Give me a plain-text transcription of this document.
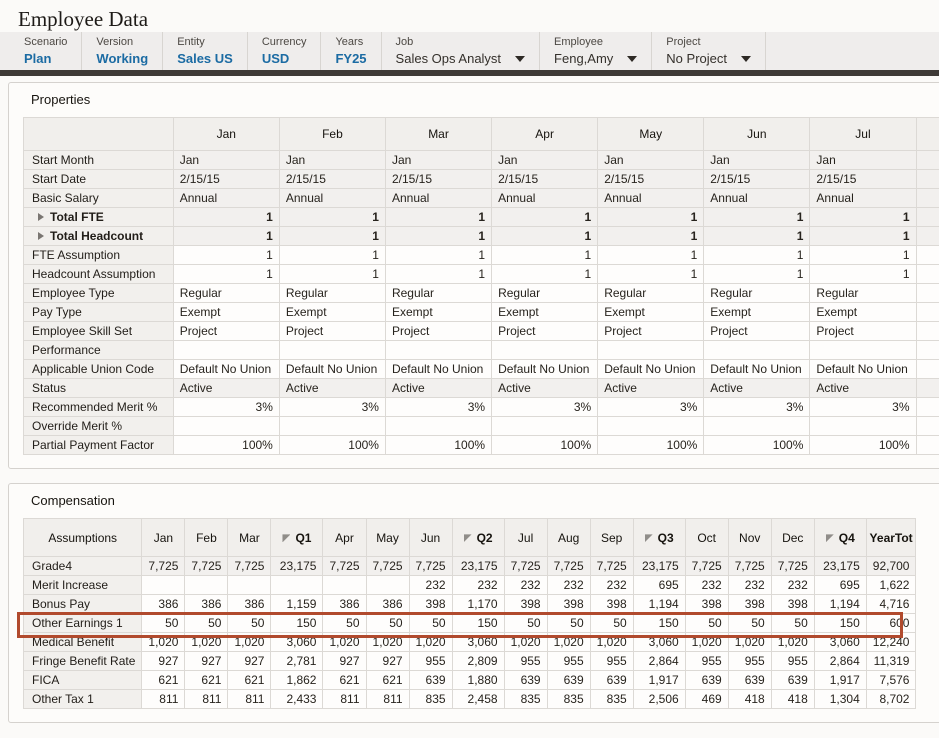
Employee Data
Scenario
Plan
Version
Working
Entity
Sales US
Currency
USD
Years
FY25
Job
Sales Ops Analyst
Employee
Feng,Amy
Project
No Project
Properties
	Jan	Feb	Mar	Apr	May	Jun	Jul	
Start Month	Jan	Jan	Jan	Jan	Jan	Jan	Jan	
Start Date	2/15/15	2/15/15	2/15/15	2/15/15	2/15/15	2/15/15	2/15/15	
Basic Salary	Annual	Annual	Annual	Annual	Annual	Annual	Annual	
Total FTE	1	1	1	1	1	1	1	
Total Headcount	1	1	1	1	1	1	1	
FTE Assumption	1	1	1	1	1	1	1	
Headcount Assumption	1	1	1	1	1	1	1	
Employee Type	Regular	Regular	Regular	Regular	Regular	Regular	Regular	
Pay Type	Exempt	Exempt	Exempt	Exempt	Exempt	Exempt	Exempt	
Employee Skill Set	Project	Project	Project	Project	Project	Project	Project	
Performance								
Applicable Union Code	Default No Union	Default No Union	Default No Union	Default No Union	Default No Union	Default No Union	Default No Union	
Status	Active	Active	Active	Active	Active	Active	Active	
Recommended Merit %	3%	3%	3%	3%	3%	3%	3%	
Override Merit %								
Partial Payment Factor	100%	100%	100%	100%	100%	100%	100%	
Compensation
Assumptions	Jan	Feb	Mar	Q1	Apr	May	Jun	Q2	Jul	Aug	Sep	Q3	Oct	Nov	Dec	Q4	YearTot
Grade4	7,725	7,725	7,725	23,175	7,725	7,725	7,725	23,175	7,725	7,725	7,725	23,175	7,725	7,725	7,725	23,175	92,700
Merit Increase							232	232	232	232	232	695	232	232	232	695	1,622
Bonus Pay	386	386	386	1,159	386	386	398	1,170	398	398	398	1,194	398	398	398	1,194	4,716
Other Earnings 1	50	50	50	150	50	50	50	150	50	50	50	150	50	50	50	150	600
Medical Benefit	1,020	1,020	1,020	3,060	1,020	1,020	1,020	3,060	1,020	1,020	1,020	3,060	1,020	1,020	1,020	3,060	12,240
Fringe Benefit Rate	927	927	927	2,781	927	927	955	2,809	955	955	955	2,864	955	955	955	2,864	11,319
FICA	621	621	621	1,862	621	621	639	1,880	639	639	639	1,917	639	639	639	1,917	7,576
Other Tax 1	811	811	811	2,433	811	811	835	2,458	835	835	835	2,506	469	418	418	1,304	8,702
